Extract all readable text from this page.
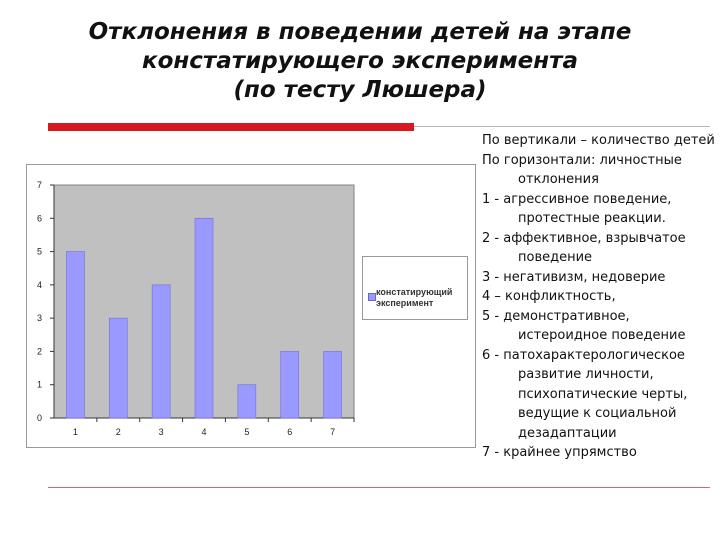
Отклонения в поведении детей на этапе
констатирующего эксперимента
(по тесту Люшера)
0
1
2
3
4
5
6
7
1	2	3	4	5	6	7
констатирующий эксперимент
По вертикали – количество детей
По горизонтали: личностные отклонения
1 - агрессивное поведение, протестные реакции.
2 - аффективное, взрывчатое поведение
3 - негативизм, недоверие
4 – конфликтность,
5 - демонстративное, истероидное поведение
6 - патохарактерологическое развитие личности, психопатические черты, ведущие к социальной дезадаптации
7 - крайнее упрямство
